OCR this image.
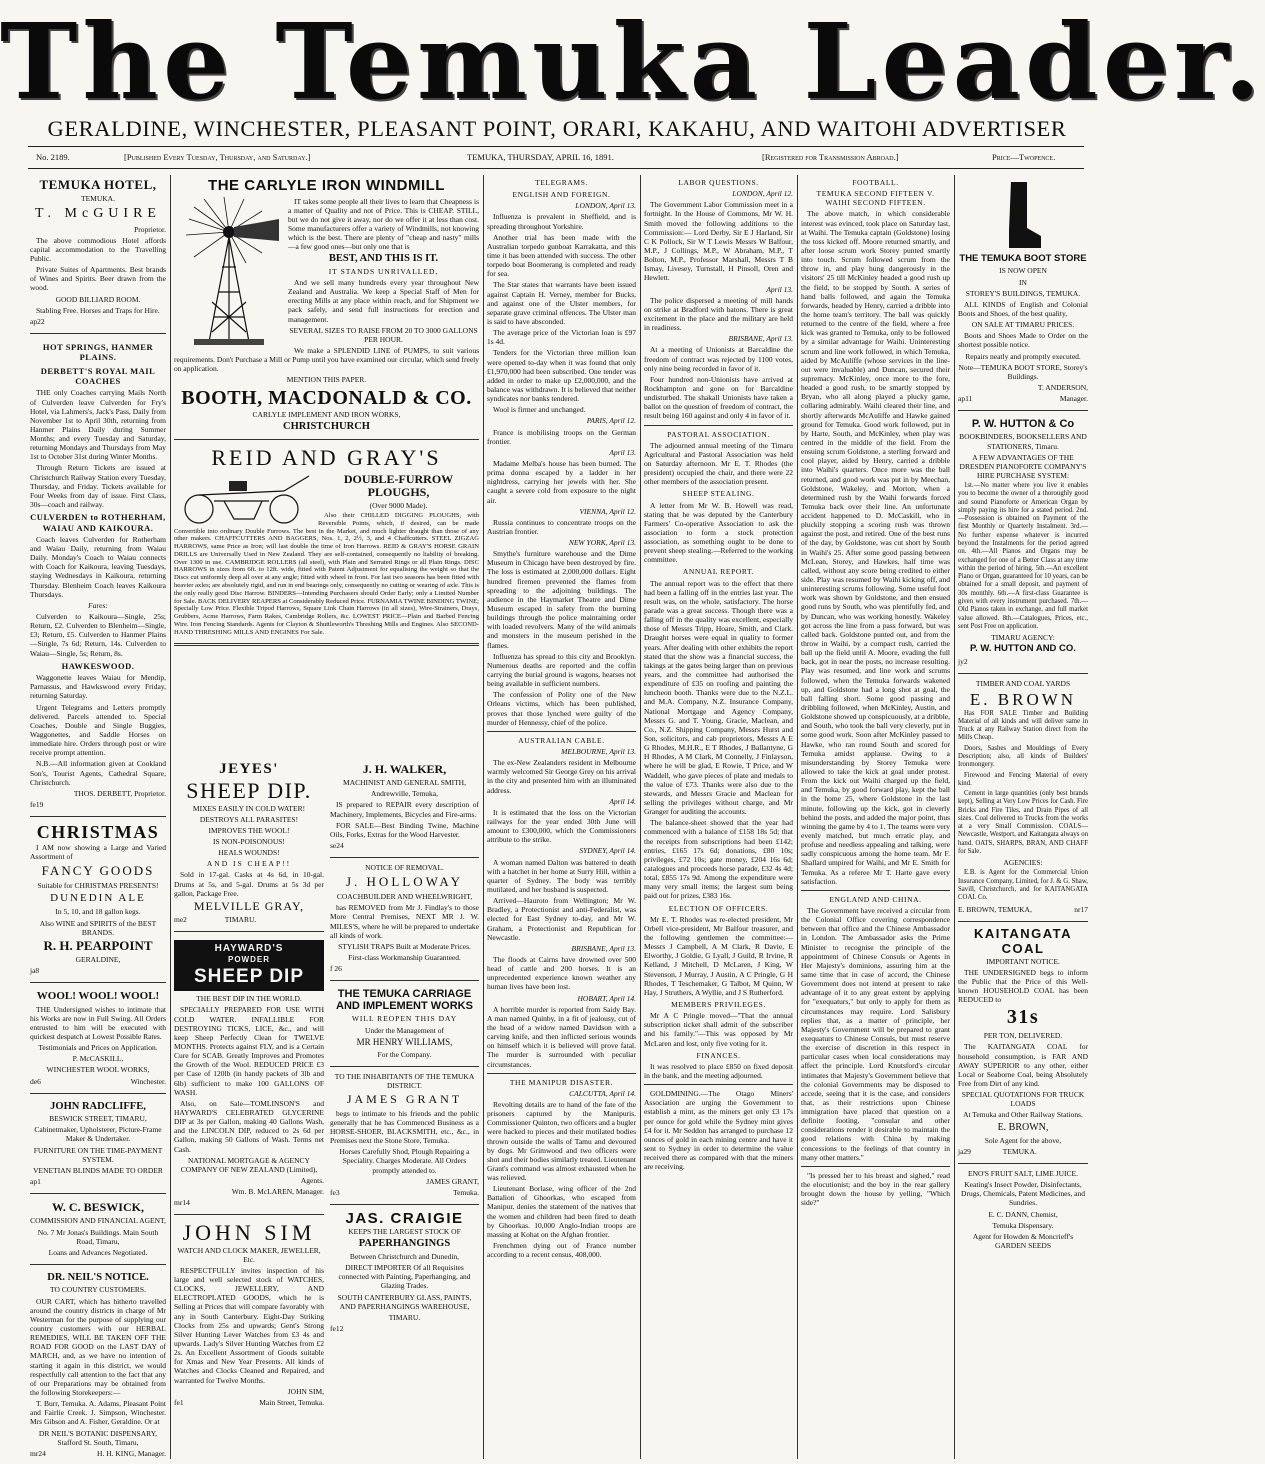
The Temuka Leader.
GERALDINE, WINCHESTER, PLEASANT POINT, ORARI, KAKAHU, AND WAITOHI ADVERTISER
No. 2189.	[Published Every Tuesday, Thursday, and Saturday.]	TEMUKA, THURSDAY, APRIL 16, 1891.	[Registered for Transmission Abroad.]	Price—Twopence.
TEMUKA HOTEL,

TEMUKA.

T. McGUIRE

Proprietor.

The above commodious Hotel affords capital accommodation to the Travelling Public.

Private Suites of Apartments. Best brands of Wines and Spirits. Beer drawn from the wood.

GOOD BILLIARD ROOM.

Stabling Free. Horses and Traps for Hire.

ap22

HOT SPRINGS, HANMER PLAINS.

DERBETT'S ROYAL MAIL COACHES

THE only Coaches carrying Mails North of Culverden leave Culverden for Fry's Hotel, via Lahmers's, Jack's Pass, Daily from November 1st to April 30th, returning from Hanmer Plains Daily during Summer Months; and every Tuesday and Saturday, returning Mondays and Thursdays from May 1st to October 31st during Winter Months.

Through Return Tickets are issued at Christchurch Railway Station every Tuesday, Thursday, and Friday. Tickets available for Four Weeks from day of issue. First Class, 30s—coach and railway.

CULVERDEN to ROTHERHAM, WAIAU AND KAIKOURA.

Coach leaves Culverden for Rotherham and Waiau Daily, returning from Waiau Daily. Monday's Coach to Waiau connects with Coach for Kaikoura, leaving Tuesdays, staying Wednesdays in Kaikoura, returning Thursday. Blenheim Coach leaves Kaikoura Thursdays.

Fares:

Culverden to Kaikoura—Single, 25s; Return, £2. Culverden to Blenheim—Single, £3; Return, £5. Culverden to Hanmer Plains—Single, 7s 6d; Return, 14s. Culverden to Waiau—Single, 5s; Return, 8s.

HAWKESWOOD.

Waggonette leaves Waiau for Mendip, Parnassus, and Hawkswood every Friday, returning Saturday.

Urgent Telegrams and Letters promptly delivered. Parcels attended to. Special Coaches, Double and Single Buggies, Waggonettes, and Saddle Horses on immediate hire. Orders through post or wire receive prompt attention.

N.B.—All information given at Cookland Son's, Tourist Agents, Cathedral Square, Christchurch.

THOS. DERBETT, Proprietor.

fe19

CHRISTMAS

I AM now showing a Large and Varied Assortment of

FANCY GOODS

Suitable for CHRISTMAS PRESENTS!

DUNEDIN ALE

In 5, 10, and 18 gallon kegs.

Also WINE and SPIRITS of the BEST BRANDS.

R. H. PEARPOINT

GERALDINE,

ja8

WOOL! WOOL! WOOL!

THE Undersigned wishes to intimate that his Works are now in Full Swing. All Orders entrusted to him will be executed with quickest despatch at Lowest Possible Rates.

Testimonials and Prices on Application.

P. McCASKILL,

WINCHESTER WOOL WORKS,

de6	Winchester.

JOHN RADCLIFFE,

BESWICK STREET, TIMARU,

Cabinetmaker, Upholsterer, Picture-Frame Maker & Undertaker.

FURNITURE ON THE TIME-PAYMENT SYSTEM.

VENETIAN BLINDS MADE TO ORDER

ap1

W. C. BESWICK,

COMMISSION AND FINANCIAL AGENT,

No. 7 Mr Jonas's Buildings. Main South Road, Timaru,

Loans and Advances Negotiated.

DR. NEIL'S NOTICE.

TO COUNTRY CUSTOMERS.

OUR CART, which has hitherto travelled around the country districts in charge of Mr Westerman for the purpose of supplying our country customers with our HERBAL REMEDIES, WILL BE TAKEN OFF THE ROAD FOR GOOD on the LAST DAY of MARCH, and, as we have no intention of starting it again in this district, we would respectfully call attention to the fact that any of our Preparations may be obtained from the following Storekeepers:—

T. Burr, Temuka. A. Adams, Pleasant Point and Fairlie Creek. J. Simpson, Winchester. Mrs Gibson and A. Fisher, Geraldine. Or at

DR NEIL'S BOTANIC DISPENSARY, Stafford St. South, Timaru,

mr24	H. H. KING, Manager.

THE CARLYLE IRON WINDMILL

IT takes some people all their lives to learn that Cheapness is a matter of Quality and not of Price. This is CHEAP. STILL, but we do not give it away, nor do we offer it at less than cost. Some manufacturers offer a variety of Windmills, not knowing which is the best. There are plenty of "cheap and nasty" mills—a few good ones—but only one that is

BEST, AND THIS IS IT.

IT STANDS UNRIVALLED,

And we sell many hundreds every year throughout New Zealand and Australia. We keep a Special Staff of Men for erecting Mills at any place within reach, and for Shipment we pack safely, and send full instructions for erection and management.

SEVERAL SIZES TO RAISE FROM 20 TO 3000 GALLONS PER HOUR.

We make a SPLENDID LINE of PUMPS, to suit various requirements. Don't Purchase a Mill or Pump until you have examined our circular, which send freely on application.

MENTION THIS PAPER.

BOOTH, MACDONALD & CO.

CARLYLE IMPLEMENT AND IRON WORKS,

CHRISTCHURCH

REID AND GRAY'S

DOUBLE-FURROW PLOUGHS,

(Over 9000 Made).

Also their CHILLED DIGGING PLOUGHS, with Reversible Points, which, if desired, can be made Convertible into ordinary Double Furrows. The best in the Market, and much lighter draught than those of any other makers. CHAFFCUTTERS AND BAGGERS, Nos. 1, 2, 2½, 3, and 4 Chaffcutters. STEEL ZIGZAG HARROWS, same Price as Iron; will last double the time of Iron Harrows. REID & GRAY'S HORSE GRAIN DRILLS are Universally Used in New Zealand. They are self-contained, consequently no liability of breaking. Over 1300 in use. CAMBRIDGE ROLLERS (all steel), with Plain and Serrated Rings or all Plain Rings. DISC HARROWS in sizes from 6ft. to 12ft. wide, fitted with Patent Adjustment for equalising the weight so that the Discs cut uniformly deep all over at any angle; fitted with wheel in front. For last two seasons has been fitted with heavier axles; are absolutely rigid, and run in end bearings only, consequently no cutting or wearing of axle. This is the only really good Disc Harrow. BINDERS—Intending Purchasers should Order Early; only a Limited Number for Sale. BACK DELIVERY REAPERS at Considerably Reduced Price. FURNAMIA TWINE BINDING TWINE; Specially Low Price. Flexible Tripod Harrows, Square Link Chain Harrows (in all sizes), Wire-Strainers, Drays, Grubbers, Acme Harrows, Farm Rakes, Cambridge Rollers, &c. LOWEST PRICE—Plain and Barbed Fencing Wire. Iron Fencing Standards. Agents for Clayton & Shuttleworth's Threshing Mills and Engines. Also SECOND-HAND THRESHING MILLS AND ENGINES For Sale.

JEYES'
SHEEP DIP.

MIXES EASILY IN COLD WATER!

DESTROYS ALL PARASITES!

IMPROVES THE WOOL!

IS NON-POISONOUS!

HEALS WOUNDS!

AND IS CHEAP!!

Sold in 17-gal. Casks at 4s 6d, in 10-gal. Drums at 5s, and 5-gal. Drums at 5s 3d per gallon, Package Free.

MELVILLE GRAY,

me2	TIMARU.

HAYWARD'S
POWDER
SHEEP DIP

THE BEST DIP IN THE WORLD.

SPECIALLY PREPARED FOR USE WITH COLD WATER. INFALLIBLE FOR DESTROYING TICKS, LICE, &c., and will keep Sheep Perfectly Clean for TWELVE MONTHS. Protects against FLY, and is a Certain Cure for SCAB. Greatly Improves and Promotes the Growth of the Wool. REDUCED PRICE £3 per Case of 120lb (in handy packets of 3lb and 6lb) sufficient to make 100 GALLONS OF WASH.

Also, on Sale—TOMLINSON'S and HAYWARD'S CELEBRATED GLYCERINE DIP at 3s per Gallon, making 40 Gallons Wash, and the LINCOLN DIP, reduced to 2s 6d per Gallon, making 50 Gallons of Wash. Terms net Cash.

NATIONAL MORTGAGE & AGENCY COMPANY OF NEW ZEALAND (Limited),

Agents.

Wm. B. McLAREN, Manager.

mr14

JOHN SIM

WATCH AND CLOCK MAKER, JEWELLER, Etc.

RESPECTFULLY invites inspection of his large and well selected stock of WATCHES, CLOCKS, JEWELLERY, AND ELECTROPLATED GOODS, which he is Selling at Prices that will compare favorably with any in South Canterbury. Eight-Day Striking Clocks from 25s and upwards; Gent's Strong Silver Hunting Lever Watches from £3 4s and upwards. Lady's Silver Hunting Watches from £2 2s. An Excellent Assortment of Goods suitable for Xmas and New Year Presents. All kinds of Watches and Clocks Cleaned and Repaired, and warranted for Twelve Months.

JOHN SIM,

fe1	Main Street, Temuka.

J. H. WALKER,

MACHINIST AND GENERAL SMITH,

Andrewville, Temuka,

IS prepared to REPAIR every description of Machinery, Implements, Bicycles and Fire-arms.

FOR SALE—Best Binding Twine, Machine Oils, Forks, Extras for the Wood Harvester.

se24

NOTICE OF REMOVAL.

J. HOLLOWAY

COACHBUILDER AND WHEELWRIGHT,

has REMOVED from Mr J. Findlay's to those More Central Premises, NEXT MR J. W. MILES'S, where he will be prepared to undertake all kinds of work.

STYLISH TRAPS Built at Moderate Prices.

First-class Workmanship Guaranteed.

f 26

THE TEMUKA CARRIAGE AND IMPLEMENT WORKS

WILL REOPEN THIS DAY

Under the Management of

MR HENRY WILLIAMS,

For the Company.

TO THE INHABITANTS OF THE TEMUKA DISTRICT.

JAMES GRANT

begs to intimate to his friends and the public generally that he has Commenced Business as a HORSE-SHOER, BLACKSMITH, etc., &c., in Premises next the Stone Store, Temuka.

Horses Carefully Shod, Plough Repairing a Speciality. Charges Moderate. All Orders promptly attended to.

JAMES GRANT,

fe3	Temuka.

JAS. CRAIGIE

KEEPS THE LARGEST STOCK OF

PAPERHANGINGS

Between Christchurch and Dunedin,

DIRECT IMPORTER Of all Requisites connected with Painting, Paperhanging, and Glazing Trades.

SOUTH CANTERBURY GLASS, PAINTS, AND PAPERHANGINGS WAREHOUSE,

TIMARU.

fe12

TELEGRAMS.

ENGLISH AND FOREIGN.

LONDON, April 13.

Influenza is prevalent in Sheffield, and is spreading throughout Yorkshire.

Another trial has been made with the Australian torpedo gunboat Karrakatta, and this time it has been attended with success. The other torpedo boat Boomerang is completed and ready for sea.

The Star states that warrants have been issued against Captain H. Verney, member for Bucks, and against one of the Ulster members, for separate grave criminal offences. The Ulster man is said to have absconded.

The average price of the Victorian loan is £97 1s 4d.

Tenders for the Victorian three million loan were opened to-day when it was found that only £1,970,000 had been subscribed. One tender was added in order to make up £2,000,000, and the balance was withdrawn. It is believed that neither syndicates nor banks tendered.

Wool is firmer and unchanged.

PARIS, April 12.

France is mobilising troops on the German frontier.

April 13.

Madame Melba's house has been burned. The prima donna escaped by a ladder in her nightdress, carrying her jewels with her. She caught a severe cold from exposure to the night air.

VIENNA, April 12.

Russia continues to concentrate troops on the Austrian frontier.

NEW YORK, April 13.

Smythe's furniture warehouse and the Dime Museum in Chicago have been destroyed by fire. The loss is estimated at 2,000,000 dollars. Eight hundred firemen prevented the flames from spreading to the adjoining buildings. The audience in the Haymarket Theatre and Dime Museum escaped in safety from the burning buildings through the police maintaining order with loaded revolvers. Many of the wild animals and monsters in the museum perished in the flames.

Influenza has spread to this city and Brooklyn. Numerous deaths are reported and the coffin carrying the burial ground is wagons, hearses not being available in sufficient numbers.

The confession of Polity one of the New Orleans victims, which has been published, proves that those lynched were guilty of the murder of Hennessy, chief of the police.

AUSTRALIAN CABLE.

MELBOURNE, April 13.

The ex-New Zealanders resident in Melbourne warmly welcomed Sir George Grey on his arrival in the city and presented him with an illuminated address.

April 14.

It is estimated that the loss on the Victorian railways for the year ended 30th June will amount to £300,000, which the Commissioners attribute to the strike.

SYDNEY, April 14.

A woman named Dalton was battered to death with a hatchet in her home at Surry Hill, within a quarter of Sydney. The body was terribly mutilated, and her husband is suspected.

Arrived—Hauroto from Wellington; Mr W. Bradley, a Protectionist and anti-Federalist, was elected for East Sydney to-day, and Mr W. Graham, a Protectionist and Republican for Newcastle.

BRISBANE, April 13.

The floods at Cairns have drowned over 500 head of cattle and 200 horses. It is an unprecedented experience known weather any human lives have been lost.

HOBART, April 14.

A horrible murder is reported from Saidy Bay. A man named Quinby, in a fit of jealousy, cut of the head of a widow named Davidson with a carving knife, and then inflicted serious wounds on himself which it is believed will prove fatal. The murder is surrounded with peculiar circumstances.

THE MANIPUR DISASTER.

CALCUTTA, April 14.

Revolting details are to hand of the fate of the prisoners captured by the Manipuris. Commissioner Quinton, two officers and a bugler were hacked to pieces and their mutilated bodies thrown outside the walls of Tamu and devoured by dogs. Mr Grimwood and two officers were shot and their bodies similarly treated. Lieutenant Grant's command was almost exhausted when he was relieved.

Lieutenant Borlase, wing officer of the 2nd Battalion of Ghoorkas, who escaped from Manipur, denies the statement of the natives that the women and children had been fired to death by Ghoorkas. 10,000 Anglo-Indian troops are massing at Kohat on the Afghan frontier.

Frenchmen dying out of France number according to a recent census, 408,000.

LABOR QUESTIONS.

LONDON, April 12.

The Government Labor Commission meet in a fortnight. In the House of Commons, Mr W. H. Smith moved the following additions to the Commission:— Lord Derby, Sir E J Harland, Sir C K Pollock, Sir W T Lewis Messrs W Balfour, M.P., J Collings, M.P., W Abraham, M.P., T Bolton, M.P., Professor Marshall, Messrs T B Ismay, Livesey, Turnstall, H Pinsoll, Oren and Hewlett.

April 13.

The police dispersed a meeting of mill hands on strike at Bradford with batons. There is great excitement in the place and the military are held in readiness.

BRISBANE, April 13.

At a meeting of Unionists at Barcaldine the freedom of contract was rejected by 1100 votes, only nine being recorded in favor of it.

Four hundred non-Unionists have arrived at Rockhampton and gone on for Barcaldine undisturbed. The shakall Unionists have taken a ballot on the question of freedom of contract, the result being 160 against and only 4 in favor of it.

PASTORAL ASSOCIATION.

The adjourned annual meeting of the Timaru Agricultural and Pastoral Association was held on Saturday afternoon. Mr E. T. Rhodes (the president) occupied the chair, and there were 22 other members of the association present.

SHEEP STEALING.

A letter from Mr W. B. Howell was read, stating that he was deputed by the Canterbury Farmers' Co-operative Association to ask the association to form a stock protection association, as something ought to be done to prevent sheep stealing.—Referred to the working committee.

ANNUAL REPORT.

The annual report was to the effect that there had been a falling off in the entries last year. The result was, on the whole, satisfactory. The horse parade was a great success. Though there was a falling off in the quality was excellent, especially those of Messrs Tripp, Hoare, Smith, and Clark. Draught horses were equal in quality to former years. After dealing with other exhibits the report stated that the show was a financial success, the takings at the gates being larger than on previous years, and the committee had authorised the expenditure of £35 on roofing and painting the luncheon booth. Thanks were due to the N.Z.L. and M.A. Company, N.Z. Insurance Company, National Mortgage and Agency Company, Messrs G. and T. Young, Gracie, Maclean, and Co., N.Z. Shipping Company, Messrs Hurst and Son, solicitors, and cab proprietors, Messrs A E G Rhodes, M.H.R., E T Rhodes, J Ballantyne, G H Rhodes, A M Clark, M Connelly, J Finlayson, where he will be glad, E Rowie, T Price, and W Waddell, who gave pieces of plate and medals to the value of £73. Thanks were also due to the stewards, and Messrs Gracie and Maclean for selling the privileges without charge, and Mr Granger for auditing the accounts.

The balance-sheet showed that the year had commenced with a balance of £158 18s 5d; that the receipts from subscriptions had been £142; entries, £165 17s 6d; donations, £80 10s; privileges, £72 10s; gate money, £204 16s 6d; catalogues and proceeds horse parade, £32 4s 4d; total, £855 17s 9d. Among the expenditure were many very small items; the largest sum being paid out for prizes, £383 16s.

ELECTION OF OFFICERS.

Mr E. T. Rhodes was re-elected president, Mr Orbell vice-president, Mr Balfour treasurer, and the following gentlemen the committee:— Messrs J Campbell, A M Clark, R Davie, E Elworthy, J Goldie, G Lyall, J Guild, R Irvine, R Kelland, J Mitchell, D McLaren, J King, W Stevenson, J Murray, J Austin, A C Pringle, G H Rhodes, T Teschemaker, G Talbot, M Quinn, W Hay, J Struthers, A Wyllie, and J S Rutherford.

MEMBERS PRIVILEGES.

Mr A C Pringle moved—"That the annual subscription ticket shall admit of the subscriber and his family."—This was opposed by Mr McLaren and lost, only five voting for it.

FINANCES.

It was resolved to place £850 on fixed deposit in the bank, and the meeting adjourned.

GOLDMINING.—The Otago Miners' Association are urging the Government to establish a mint, as the miners get only £3 17s per ounce for gold while the Sydney mint gives £4 for it. Mr Seddon has arranged to purchase 12 ounces of gold in each mining centre and have it sent to Sydney in order to determine the value received there as compared with that the miners are receiving.

FOOTBALL.

TEMUKA SECOND FIFTEEN V.

WAIHI SECOND FIFTEEN.

The above match, in which considerable interest was evinced, took place on Saturday last, at Waihi. The Temuka captain (Goldstone) losing the toss kicked off. Moore returned smartly, and after loose scrum work Storey punted smartly into touch. Scrum followed scrum from the throw in, and play hung dangerously in the visitors' 25 till McKinley headed a good rush up the field, to be stopped by South. A series of hand balls followed, and again the Temuka forwards, headed by Henry, carried a dribble into the home team's territory. The ball was quickly returned to the centre of the field, where a free kick was granted to Temuka, only to be followed by a similar advantage for Waihi. Uninteresting scrum and line work followed, in which Temuka, aided by McAuliffe (whose services in the line-out were invaluable) and Duncan, secured their supremacy. McKinley, once more to the fore, headed a good rush, to be smartly stopped by Bryan, who all along played a plucky game, collaring admirably. Waihi cleared their line, and shortly afterwards McAuliffe and Hawke gained ground for Temuka. Good work followed, put in by Harte, South, and McKinley, when play was centred in the middle of the field. From the ensuing scrum Goldstone, a sterling forward and cool player, aided by Henry, carried a dribble into Waihi's quarters. Once more was the ball returned, and good work was put in by Meechan, Goldstone, Wakeley, and Morton, when a determined rush by the Waihi forwards forced Temuka back over their line. An unfortunate accident happened to D. McCaskill, who in pluckily stopping a scoring rush was thrown against the post, and retired. One of the best runs of the day, by Goldstone, was cut short by South in Waihi's 25. After some good passing between McLean, Storey, and Hawkes, half time was called, without any score being credited to either side. Play was resumed by Waihi kicking off, and uninteresting scrums following. Some useful foot work was shown by Goldstone, and then ensued good runs by South, who was plentifully fed, and by Duncan, who was working honestly. Wakeley got across the line from a pass forward, but was called back. Goldstone punted out, and from the throw in Waihi, by a compact rush, carried the ball up the field until A. Moore, evading the full back, got in near the posts, no increase resulting. Play was resumed, and line work and scrums followed, when the Temuka forwards wakened up, and Goldstone had a long shot at goal, the ball falling short. Some good passing and dribbling followed, when McKinley, Austin, and Goldstone showed up conspicuously, at a dribble, and South, who took the ball very cleverly, put in some good work. Soon after McKinley passed to Hawke, who ran round South and scored for Temuka amidst applause. Owing to a misunderstanding by Storey Temuka were allowed to take the kick at goal under protest. From the kick out Waihi charged up the field, and Temuka, by good forward play, kept the ball in the home 25, where Goldstone in the last minute, following up the kick, got in cleverly behind the posts, and added the major point, thus winning the game by 4 to 1. The teams were very evenly matched, but much erratic play, and profuse and needless appealing and talking, were sadly conspicuous among the home team. Mr F. Shallard umpired for Waihi, and Mr E. Smith for Temuka. As a referee Mr T. Harte gave every satisfaction.

ENGLAND AND CHINA.

The Government have received a circular from the Colonial Office covering correspondence between that office and the Chinese Ambassador in London. The Ambassador asks the Prime Minister to recognise the principle of the appointment of Chinese Consuls or Agents in Her Majesty's dominions, assuring him at the same time that in case of accord, the Chinese Government does not intend at present to take advantage of it to any great extent by applying for "exequaturs," but only to apply for them as circumstances may require. Lord Salisbury replies that, as a matter of principle, her Majesty's Government will be prepared to grant exequaturs to Chinese Consuls, but must reserve the exercise of discretion in this respect in particular cases when local considerations may affect the principle. Lord Knutsford's circular intimates that Majesty's Government believe that the colonial Governments may be disposed to accede, seeing that it is the case, and considers that, as their restrictions upon Chinese immigration have placed that question on a definite footing, "consular and other considerations render it desirable to maintain the good relations with China by making concessions to the feelings of that country in many other matters."

"Is pressed her to his breast and sighed," read the elocutionist; and the boy in the rear gallery brought down the house by yelling, "Which side?"

THE TEMUKA BOOT STORE

IS NOW OPEN

IN

STOREY'S BUILDINGS, TEMUKA.

ALL KINDS of English and Colonial Boots and Shoes, of the best quality,

ON SALE AT TIMARU PRICES.

Boots and Shoes Made to Order on the shortest possible notice.

Repairs neatly and promptly executed.

Note—TEMUKA BOOT STORE, Storey's Buildings.

T. ANDERSON,

ap11	Manager.

P. W. HUTTON & Co

BOOKBINDERS, BOOKSELLERS AND STATIONERS, Timaru.

A FEW ADVANTAGES OF THE DRESDEN PIANOFORTE COMPANY'S HIRE PURCHASE SYSTEM:

1st.—No matter where you live it enables you to become the owner of a thoroughly good and sound Pianoforte or American Organ by simply paying its hire for a stated period. 2nd.—Possession is obtained on Payment of the first Monthly or Quarterly Instalment. 3rd.—No further expense whatever is incurred beyond the Instalments for the period agreed on. 4th.—All Pianos and Organs may be exchanged for one of a Better Class at any time within the period of hiring. 5th.—An excellent Piano or Organ, guaranteed for 10 years, can be obtained for a small deposit, and payment of 30s monthly. 6th.—A first-class Guarantee is given with every instrument purchased. 7th.—Old Pianos taken in exchange, and full market value allowed. 8th.—Catalogues, Prices, etc., sent Post Free on application.

TIMARU AGENCY:

P. W. HUTTON AND CO.

jy2

TIMBER AND COAL YARDS

E. BROWN

Has FOR SALE Timber and Building Material of all kinds and will deliver same in Truck at any Railway Station direct from the Mills Cheap.

Doors, Sashes and Mouldings of Every Description; also, all kinds of Builders' Ironmongery.

Firewood and Fencing Material of every kind.

Cement in large quantities (only best brands kept), Selling at Very Low Prices for Cash. Fire Bricks and Fire Tiles, and Drain Pipes of all sizes. Coal delivered to Trucks from the works at a very Small Commission. COALS—Newcastle, Westport, and Kaitangata always on hand. OATS, SHARPS, BRAN, AND CHAFF for Sale.

AGENCIES:

E.B. is Agent for the Commercial Union Insurance Company, Limited, for J. & G. Shaw, Savill, Christchurch, and for KAITANGATA COAL Co.

E. BROWN, TEMUKA,	nr17

KAITANGATA COAL

IMPORTANT NOTICE.

THE UNDERSIGNED begs to inform the Public that the Price of this Well-known HOUSEHOLD COAL has been REDUCED to

31s

PER TON, DELIVERED.

The KAITANGATA COAL for household consumption, is FAR AND AWAY SUPERIOR to any other, either Local or Seaborne Coal, being Absolutely Free from Dirt of any kind.

SPECIAL QUOTATIONS FOR TRUCK LOADS

At Temuka and Other Railway Stations.

E. BROWN,

Sole Agent for the above,

ja29	TEMUKA.

ENO'S FRUIT SALT, LIME JUICE.

Keating's Insect Powder, Disinfectants, Drugs, Chemicals, Patent Medicines, and Sundries.

E. C. DANN, Chemist,

Temuka Dispensary.

Agent for Howden & Moncrieff's GARDEN SEEDS
